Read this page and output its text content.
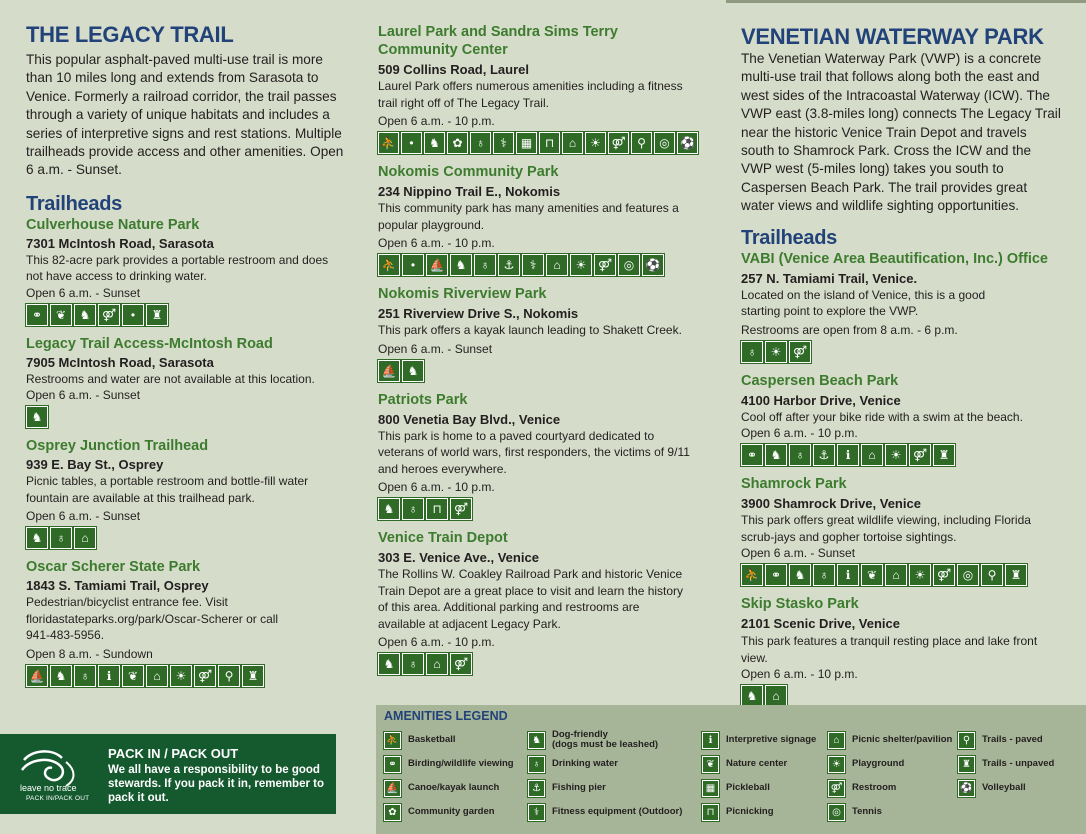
THE LEGACY TRAIL
This popular asphalt-paved multi-use trail is more than 10 miles long and extends from Sarasota to Venice. Formerly a railroad corridor, the trail passes through a variety of unique habitats and includes a series of interpretive signs and rest stations. Multiple trailheads provide access and other amenities. Open 6 a.m. - Sunset.
Trailheads
Culverhouse Nature Park
7301 McIntosh Road, Sarasota
This 82-acre park provides a portable restroom and does not have access to drinking water.
Open 6 a.m. - Sunset
⚭	❦	♞ ⚤	•	♜
Legacy Trail Access-McIntosh Road
7905 McIntosh Road, Sarasota
Restrooms and water are not available at this location.
Open 6 a.m. - Sunset
♞
Osprey Junction Trailhead
939 E. Bay St., Osprey
Picnic tables, a portable restroom and bottle-fill water fountain are available at this trailhead park.
Open 6 a.m. - Sunset
♞	♁	⌂
Oscar Scherer State Park
1843 S. Tamiami Trail, Osprey
Pedestrian/bicyclist entrance fee. Visit floridastateparks.org/park/Oscar-Scherer or call 941-483-5956.
Open 8 a.m. - Sundown
⛵ ♞	♁	ℹ	❦	⌂	☀ ⚤	⚲	♜
Laurel Park and Sandra Sims Terry Community Center
509 Collins Road, Laurel
Laurel Park offers numerous amenities including a fitness trail right off of The Legacy Trail.
Open 6 a.m. - 10 p.m.
⛹	•	♞	✿	♁	⚕	▦	⊓	⌂	☀ ⚤ ⚲	◎ ⚽
Nokomis Community Park
234 Nippino Trail E., Nokomis
This community park has many amenities and features a popular playground.
Open 6 a.m. - 10 p.m.
⛹	•	⛵ ♞	♁	⚓	⚕	⌂	☀ ⚤ ◎ ⚽
Nokomis Riverview Park
251 Riverview Drive S., Nokomis
This park offers a kayak launch leading to Shakett Creek.
Open 6 a.m. - Sunset
⛵ ♞
Patriots Park
800 Venetia Bay Blvd., Venice
This park is home to a paved courtyard dedicated to veterans of world wars, first responders, the victims of 9/11 and heroes everywhere.
Open 6 a.m. - 10 p.m.
♞	♁	⊓	⚤
Venice Train Depot
303 E. Venice Ave., Venice
The Rollins W. Coakley Railroad Park and historic Venice Train Depot are a great place to visit and learn the history of this area. Additional parking and restrooms are available at adjacent Legacy Park.
Open 6 a.m. - 10 p.m.
♞	♁	⌂	⚤
VENETIAN WATERWAY PARK
The Venetian Waterway Park (VWP) is a concrete multi-use trail that follows along both the east and west sides of the Intracoastal Waterway (ICW). The VWP east (3.8-miles long) connects The Legacy Trail near the historic Venice Train Depot and travels south to Shamrock Park. Cross the ICW and the VWP west (5-miles long) takes you south to Caspersen Beach Park. The trail provides great water views and wildlife sighting opportunities.
Trailheads
VABI (Venice Area Beautification, Inc.) Office
257 N. Tamiami Trail, Venice.
Located on the island of Venice, this is a good starting point to explore the VWP.
Restrooms are open from 8 a.m. - 6 p.m.
♁	☀ ⚤
Caspersen Beach Park
4100 Harbor Drive, Venice
Cool off after your bike ride with a swim at the beach.
Open 6 a.m. - 10 p.m.
⚭	♞	♁	⚓	ℹ	⌂	☀ ⚤ ♜
Shamrock Park
3900 Shamrock Drive, Venice
This park offers great wildlife viewing, including Florida scrub-jays and gopher tortoise sightings.
Open 6 a.m. - Sunset
⛹ ⚭	♞	♁	ℹ	❦	⌂	☀ ⚤ ◎	⚲	♜
Skip Stasko Park
2101 Scenic Drive, Venice
This park features a tranquil resting place and lake front view.
Open 6 a.m. - 10 p.m.
♞	⌂
leave no trace
PACK IN/PACK OUT
PACK IN / PACK OUT
We all have a responsibility to be good stewards. If you pack it in, remember to pack it out.
AMENITIES LEGEND
⛹ Basketball
⚭	Birding/wildlife viewing
⛵ Canoe/kayak launch
✿	Community garden
♞	Dog-friendly
(dogs must be leashed)
♁	Drinking water
⚓	Fishing pier
⚕	Fitness equipment (Outdoor)
ℹ	Interpretive signage
❦	Nature center
▦	Pickleball
⊓	Picnicking
⌂	Picnic shelter/pavilion
☀	Playground
⚤ Restroom
◎	Tennis
⚲	Trails - paved
♜	Trails - unpaved
⚽ Volleyball
